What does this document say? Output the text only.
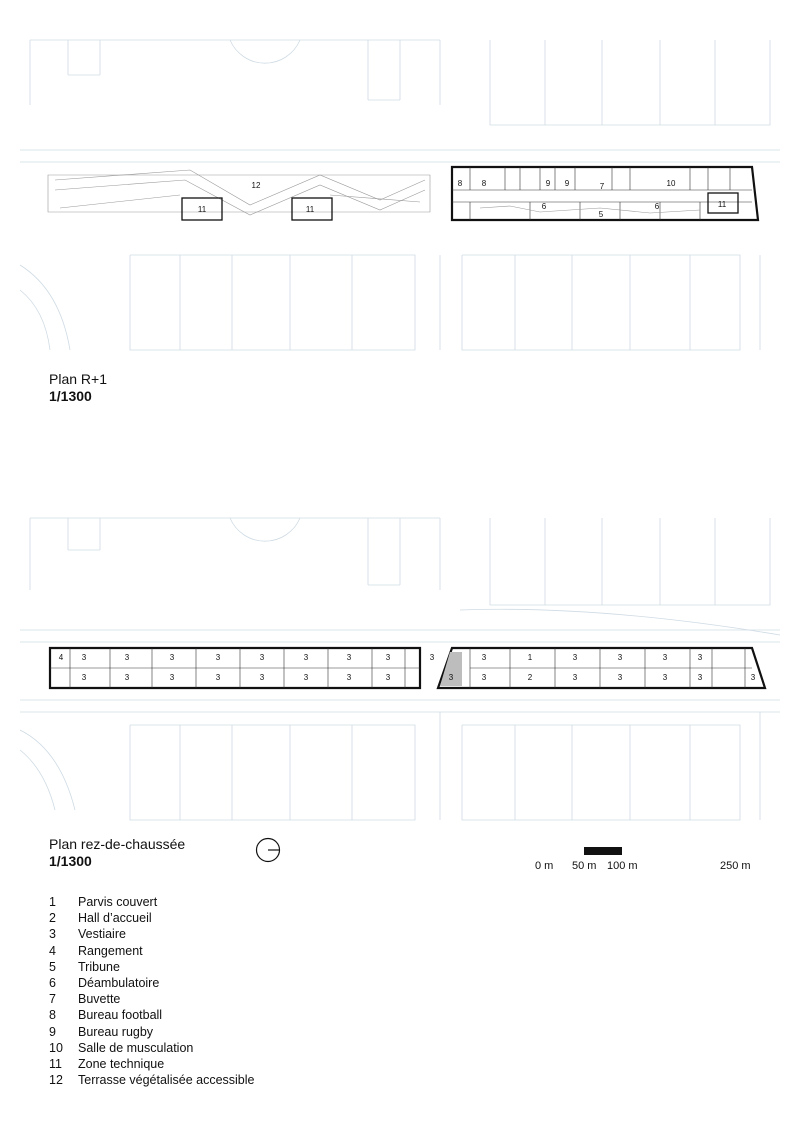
12
11	11
8 8	9 9	7	10
11
6	6
5
Plan R+1
1/1300
4 3
3
3
3
3
3
3
3
3
3
3
3
3
3
3
3
3
3
3
3
1
2
3
3
3
3
3
3
3
3	3
Plan rez-de-chaussée
1/1300	0 m 50 m 100 m	250 m
1	Parvis couvert
2	Hall d’accueil
3	Vestiaire
4	Rangement
5	Tribune
6	Déambulatoire
7	Buvette
8	Bureau football
9	Bureau rugby
10	Salle de musculation
11	Zone technique
12	Terrasse végétalisée accessible
